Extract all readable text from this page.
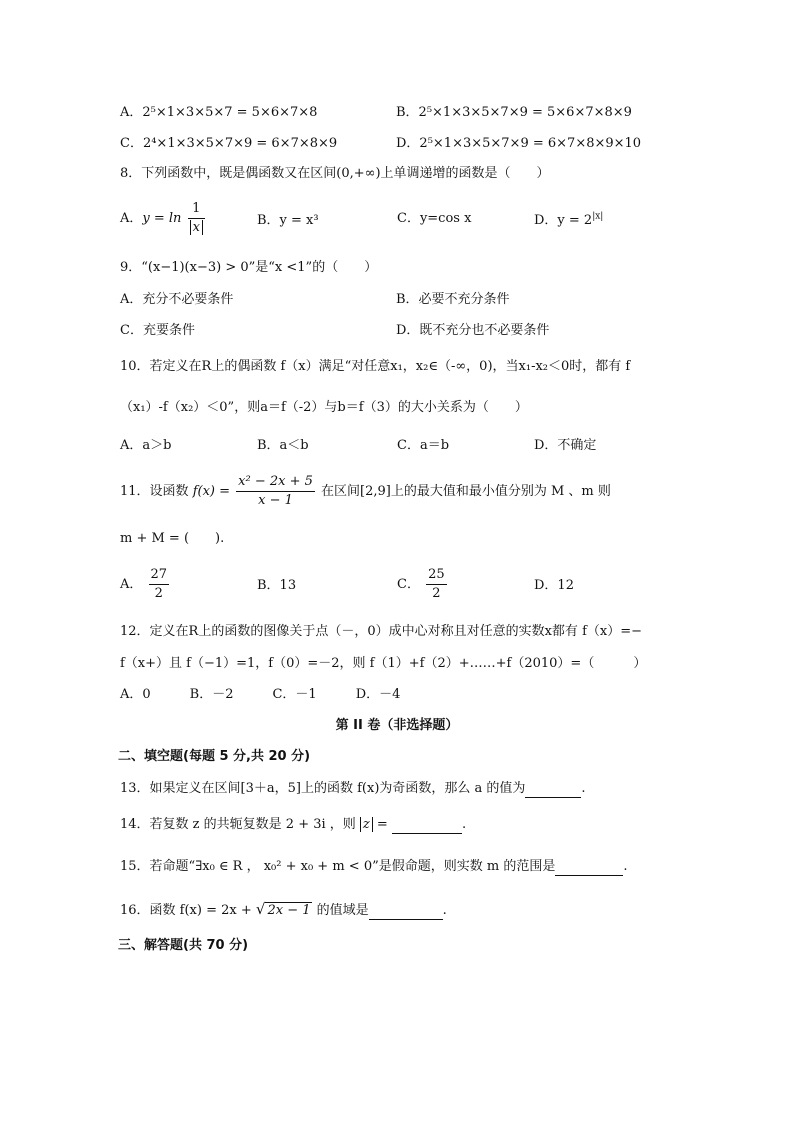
A．2⁵×1×3×5×7 = 5×6×7×8	B．2⁵×1×3×5×7×9 = 5×6×7×8×9
C．2⁴×1×3×5×7×9 = 6×7×8×9	D．2⁵×1×3×5×7×9 = 6×7×8×9×10
8．下列函数中，既是偶函数又在区间(0,+∞)上单调递增的函数是（　　）
A．$y = \ln \frac{1}{x}$	B．y = x³	C．y=cos x	D．$y = 2^{|x|}$
9．“(x−1)(x−3) > 0”是“x <1”的（　　）
A．充分不必要条件	B．必要不充分条件
C．充要条件	D．既不充分也不必要条件
10．若定义在R上的偶函数 f（x）满足“对任意x₁，x₂∈（-∞，0)，当x₁-x₂＜0时，都有 f
（x₁）-f（x₂）＜0”，则a＝f（-2）与b＝f（3）的大小关系为（　　）
A．a＞b	B．a＜b	C．a＝b	D．不确定
11．设函数 $f(x) = \frac{\text{x² − 2x + 5}}{x - 1}$ 在区间[2,9]上的最大值和最小值分别为 M 、m 则
m + M = (　　).
A． $\frac{27}{2}$	B．13	C． $\frac{25}{2}$	D．12
12．定义在R上的函数的图像关于点（－，0）成中心对称且对任意的实数x都有 f（x）=−
f（x+）且 f（−1）=1，f（0）=－2，则 f（1）+f（2）+……+f（2010）=（　　　）
A．0　　　B．－2　　　C．－1　　　D．－4
第 II 卷（非选择题）
二、填空题(每题 5 分,共 20 分)
13．如果定义在区间[3＋a，5]上的函数 f(x)为奇函数，那么 a 的值为	.
14．若复数 z 的共轭复数是 2 + 3i ，则 z =	.
15．若命题“∃x₀ ∈ R ， x₀² + x₀ + m < 0”是假命题，则实数 m 的范围是	.
16．函数 f(x) = 2x + √ 2x − 1 的值域是	.
三、解答题(共 70 分)
